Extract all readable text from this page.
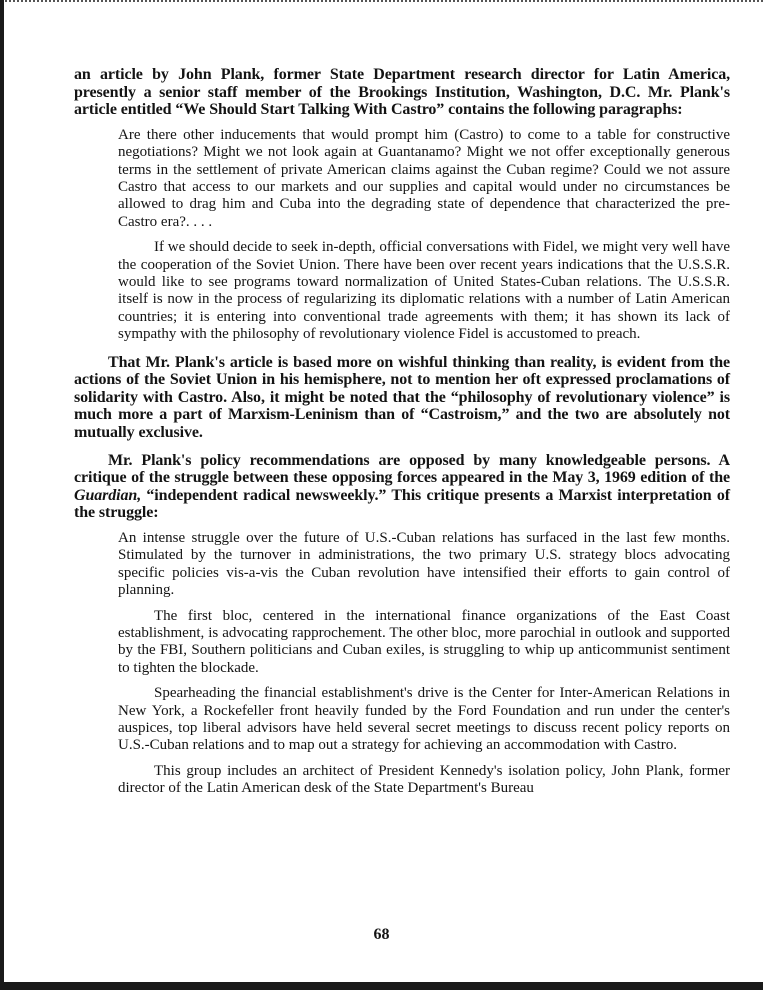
an article by John Plank, former State Department research director for Latin America, presently a senior staff member of the Brookings Institution, Washington, D.C. Mr. Plank's article entitled “We Should Start Talking With Castro” contains the following paragraphs:

Are there other inducements that would prompt him (Castro) to come to a table for constructive negotiations? Might we not look again at Guantanamo? Might we not offer exceptionally generous terms in the settlement of private American claims against the Cuban regime? Could we not assure Castro that access to our markets and our supplies and capital would under no circumstances be allowed to drag him and Cuba into the degrading state of dependence that characterized the pre-Castro era?. . . .

If we should decide to seek in-depth, official conversations with Fidel, we might very well have the cooperation of the Soviet Union. There have been over recent years indications that the U.S.S.R. would like to see programs toward normalization of United States-Cuban relations. The U.S.S.R. itself is now in the process of regularizing its diplomatic relations with a number of Latin American countries; it is entering into conventional trade agreements with them; it has shown its lack of sympathy with the philosophy of revolutionary violence Fidel is accustomed to preach.

That Mr. Plank's article is based more on wishful thinking than reality, is evident from the actions of the Soviet Union in his hemisphere, not to mention her oft expressed proclamations of solidarity with Castro. Also, it might be noted that the “philosophy of revolutionary violence” is much more a part of Marxism-Leninism than of “Castroism,” and the two are absolutely not mutually exclusive.

Mr. Plank's policy recommendations are opposed by many knowledgeable persons. A critique of the struggle between these opposing forces appeared in the May 3, 1969 edition of the Guardian, “independent radical newsweekly.” This critique presents a Marxist interpretation of the struggle:

An intense struggle over the future of U.S.-Cuban relations has surfaced in the last few months. Stimulated by the turnover in administrations, the two primary U.S. strategy blocs advocating specific policies vis-a-vis the Cuban revolution have intensified their efforts to gain control of planning.

The first bloc, centered in the international finance organizations of the East Coast establishment, is advocating rapprochement. The other bloc, more parochial in outlook and supported by the FBI, Southern politicians and Cuban exiles, is struggling to whip up anticommunist sentiment to tighten the blockade.

Spearheading the financial establishment's drive is the Center for Inter-American Relations in New York, a Rockefeller front heavily funded by the Ford Foundation and run under the center's auspices, top liberal advisors have held several secret meetings to discuss recent policy reports on U.S.-Cuban relations and to map out a strategy for achieving an accommodation with Castro.

This group includes an architect of President Kennedy's isolation policy, John Plank, former director of the Latin American desk of the State Department's Bureau

68
